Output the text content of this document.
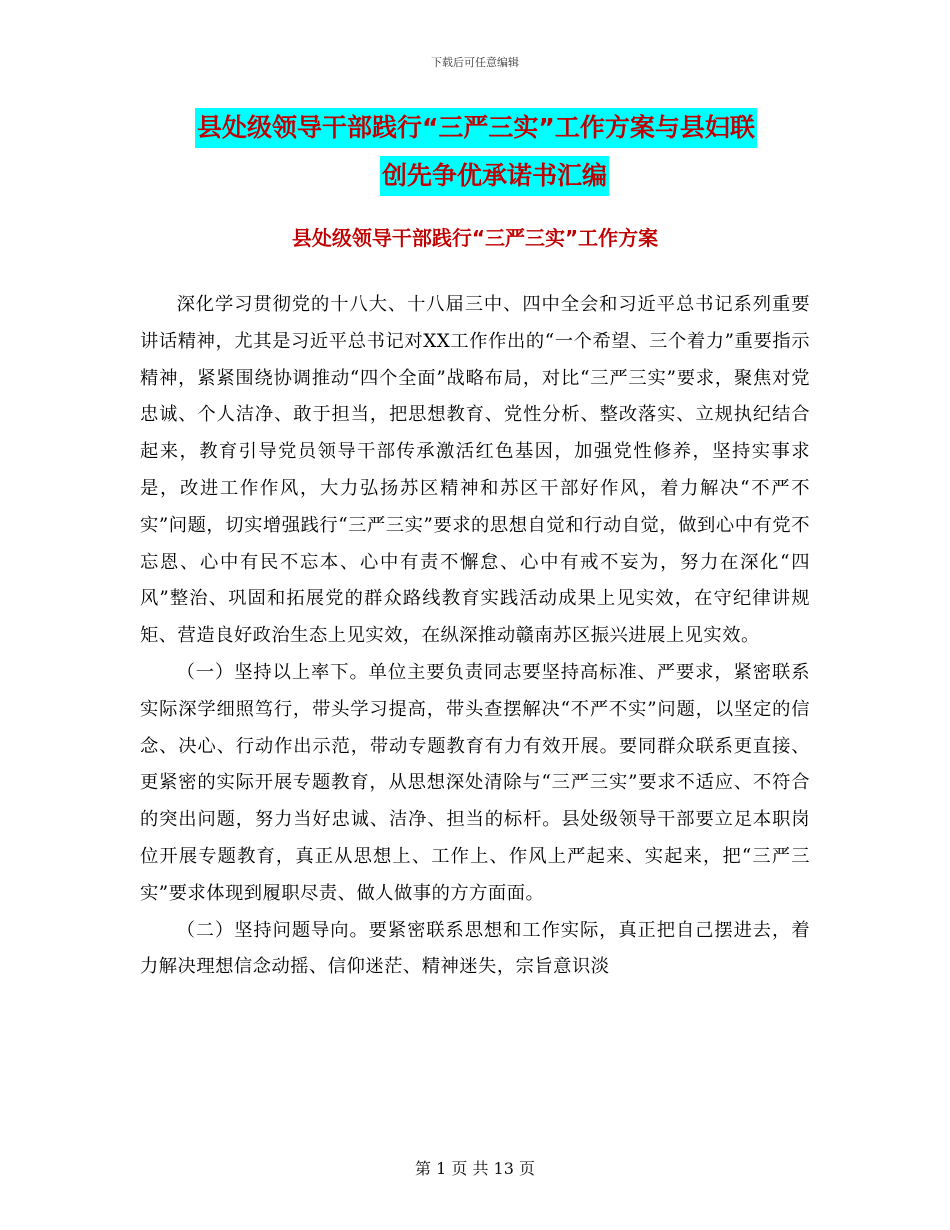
下载后可任意编辑
县处级领导干部践行“三严三实”工作方案与县妇联
创先争优承诺书汇编
县处级领导干部践行“三严三实”工作方案

深化学习贯彻党的十八大、十八届三中、四中全会和习近平总书记系列重要讲话精神，尤其是习近平总书记对XX工作作出的“一个希望、三个着力”重要指示精神，紧紧围绕协调推动“四个全面”战略布局，对比“三严三实”要求，聚焦对党忠诚、个人洁净、敢于担当，把思想教育、党性分析、整改落实、立规执纪结合起来，教育引导党员领导干部传承激活红色基因，加强党性修养，坚持实事求是，改进工作作风，大力弘扬苏区精神和苏区干部好作风，着力解决“不严不实”问题，切实增强践行“三严三实”要求的思想自觉和行动自觉，做到心中有党不忘恩、心中有民不忘本、心中有责不懈怠、心中有戒不妄为，努力在深化“四风”整治、巩固和拓展党的群众路线教育实践活动成果上见实效，在守纪律讲规矩、营造良好政治生态上见实效，在纵深推动赣南苏区振兴进展上见实效。

（一）坚持以上率下。单位主要负责同志要坚持高标准、严要求，紧密联系实际深学细照笃行，带头学习提高，带头查摆解决“不严不实”问题，以坚定的信念、决心、行动作出示范，带动专题教育有力有效开展。要同群众联系更直接、更紧密的实际开展专题教育，从思想深处清除与“三严三实”要求不适应、不符合的突出问题，努力当好忠诚、洁净、担当的标杆。县处级领导干部要立足本职岗位开展专题教育，真正从思想上、工作上、作风上严起来、实起来，把“三严三实”要求体现到履职尽责、做人做事的方方面面。

（二）坚持问题导向。要紧密联系思想和工作实际，真正把自己摆进去，着力解决理想信念动摇、信仰迷茫、精神迷失，宗旨意识淡

第 1 页 共 13 页
